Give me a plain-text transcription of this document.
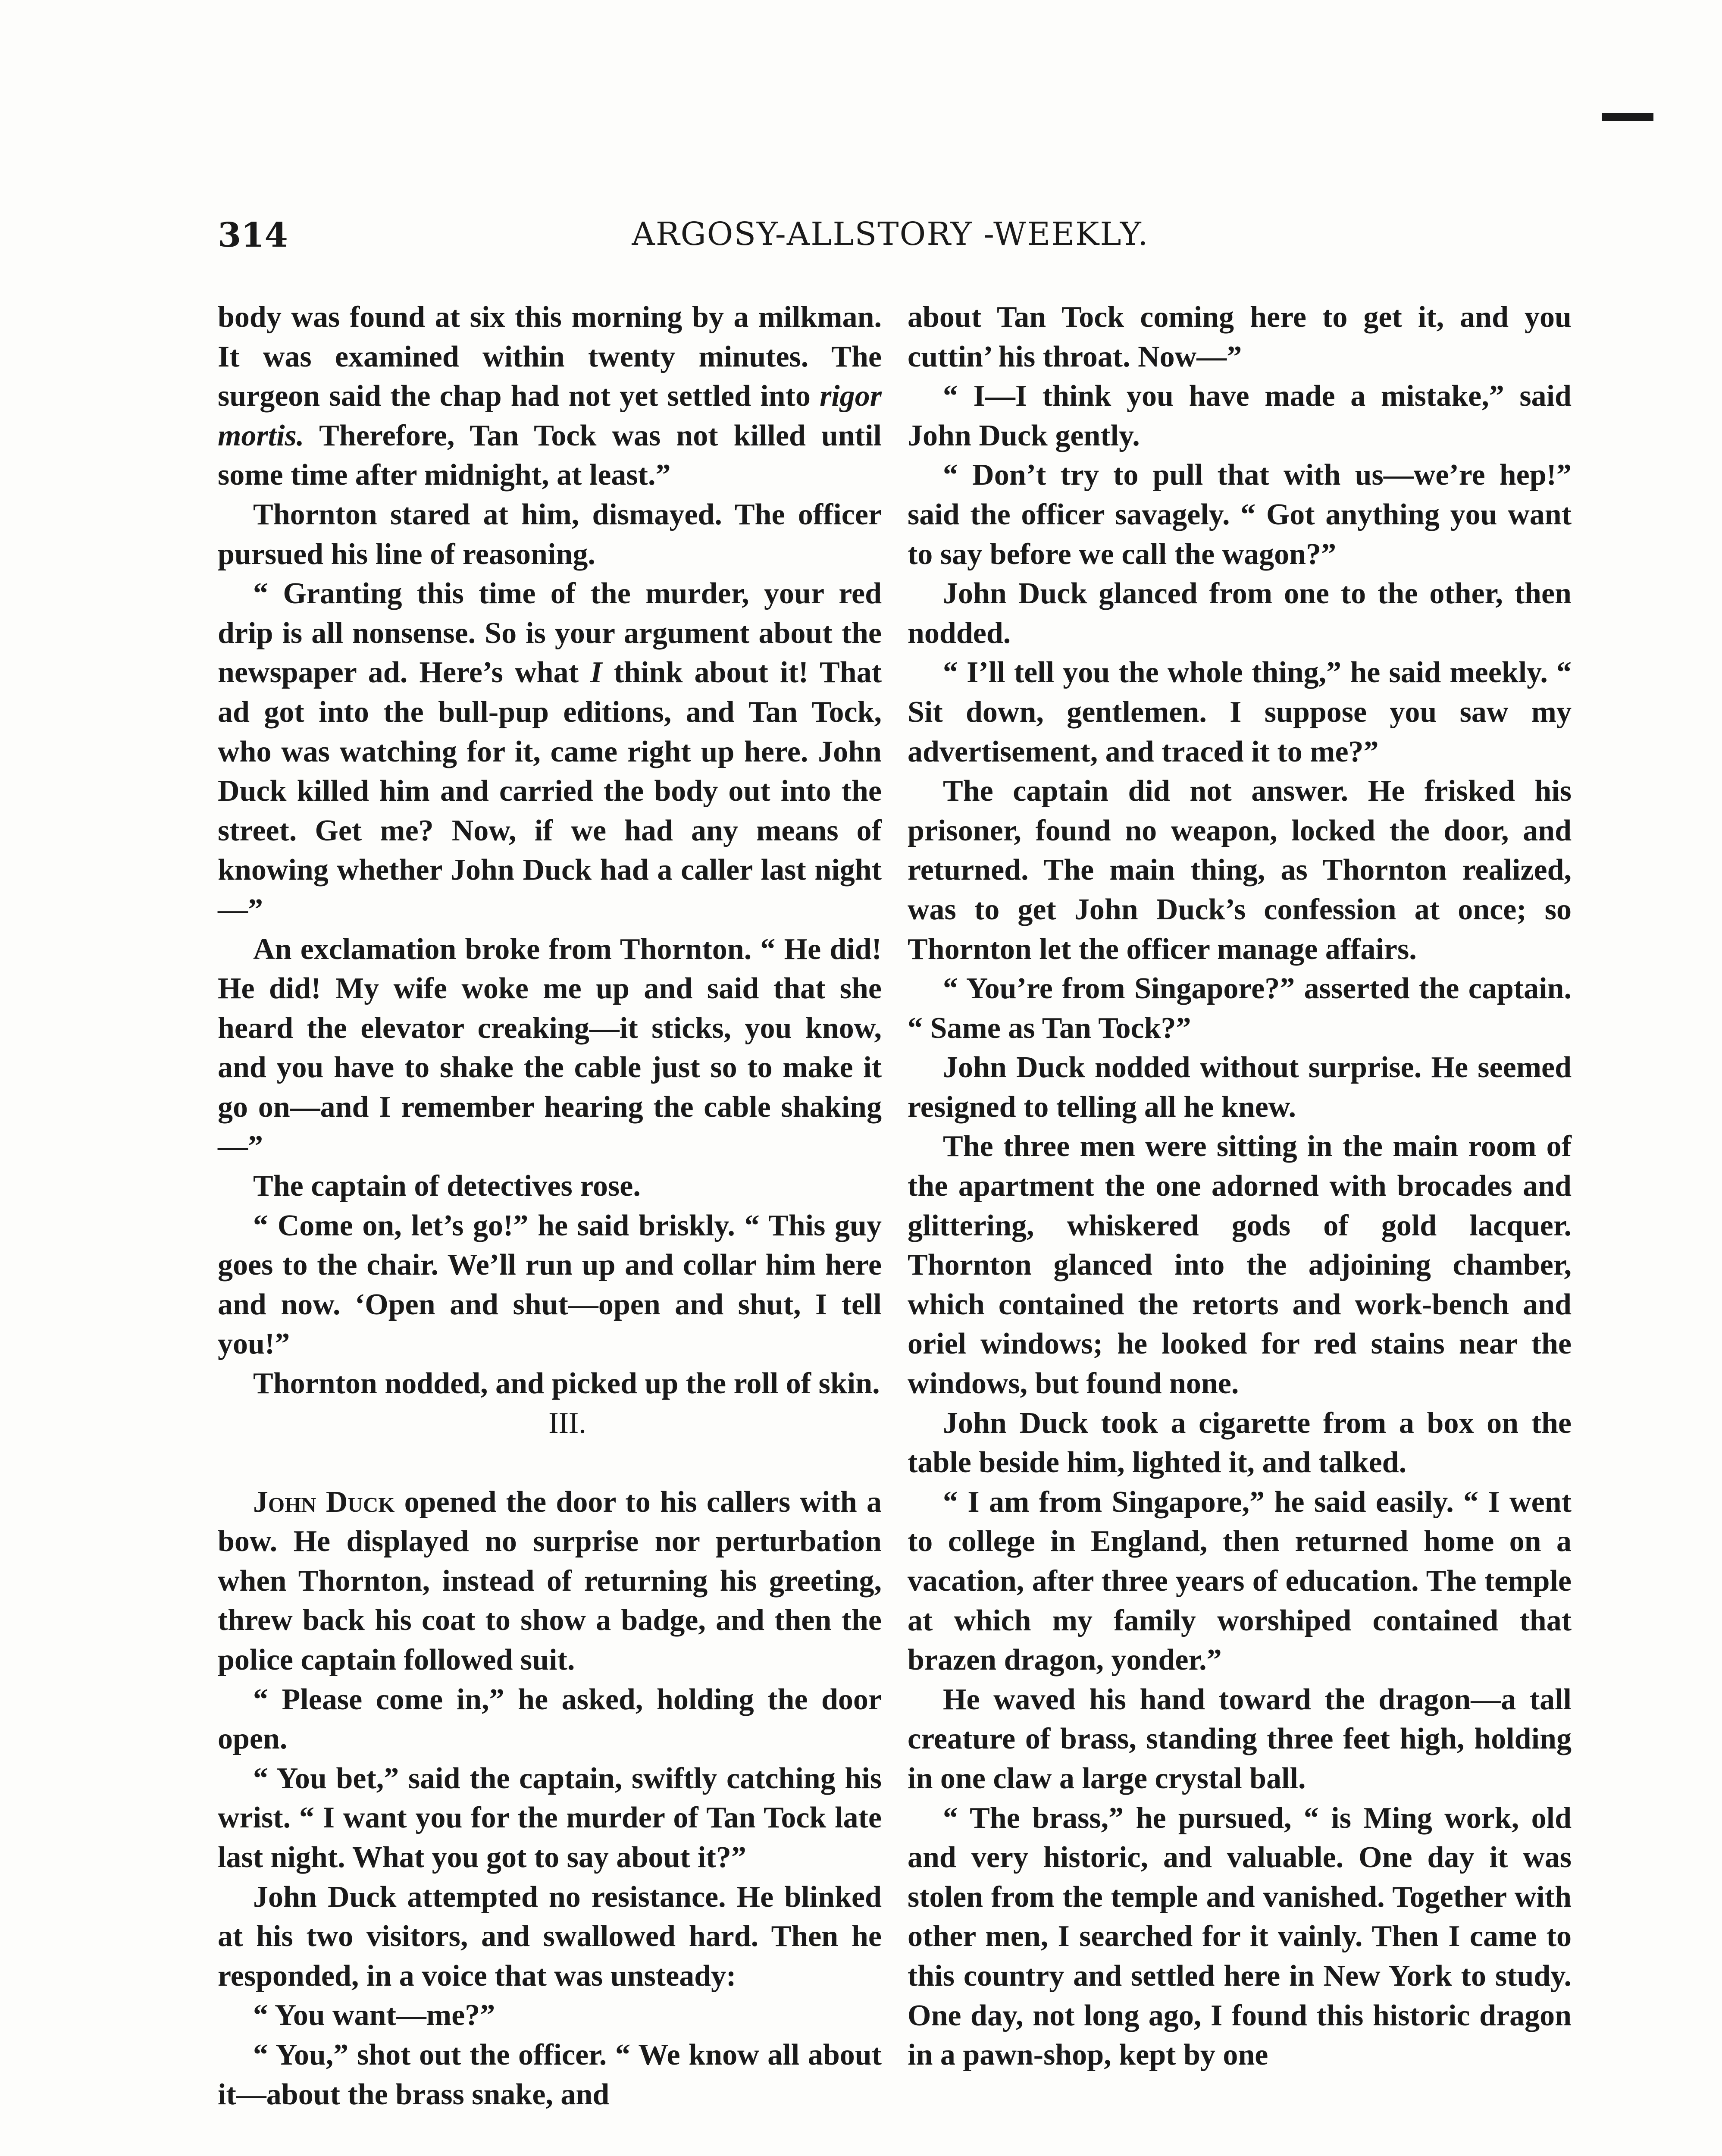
314	ARGOSY-ALLSTORY -WEEKLY.

body was found at six this morning by a milkman. It was examined within twenty minutes. The surgeon said the chap had not yet settled into rigor mortis. Therefore, Tan Tock was not killed until some time after midnight, at least.”

Thornton stared at him, dismayed. The officer pursued his line of reasoning.

“ Granting this time of the murder, your red drip is all nonsense. So is your argument about the newspaper ad. Here’s what I think about it! That ad got into the bull-pup editions, and Tan Tock, who was watching for it, came right up here. John Duck killed him and carried the body out into the street. Get me? Now, if we had any means of knowing whether John Duck had a caller last night—”

An exclamation broke from Thornton. “ He did! He did! My wife woke me up and said that she heard the elevator creaking—it sticks, you know, and you have to shake the cable just so to make it go on—and I remember hearing the cable shaking—”

The captain of detectives rose.

“ Come on, let’s go!” he said briskly. “ This guy goes to the chair. We’ll run up and collar him here and now. ‘Open and shut—open and shut, I tell you!”

Thornton nodded, and picked up the roll of skin.

III.

John Duck opened the door to his callers with a bow. He displayed no surprise nor perturbation when Thornton, instead of returning his greeting, threw back his coat to show a badge, and then the police captain followed suit.

“ Please come in,” he asked, holding the door open.

“ You bet,” said the captain, swiftly catching his wrist. “ I want you for the murder of Tan Tock late last night. What you got to say about it?”

John Duck attempted no resistance. He blinked at his two visitors, and swallowed hard. Then he responded, in a voice that was unsteady:

“ You want—me?”

“ You,” shot out the officer. “ We know all about it—about the brass snake, and

about Tan Tock coming here to get it, and you cuttin’ his throat. Now—”

“ I—I think you have made a mistake,” said John Duck gently.

“ Don’t try to pull that with us—we’re hep!” said the officer savagely. “ Got anything you want to say before we call the wagon?”

John Duck glanced from one to the other, then nodded.

“ I’ll tell you the whole thing,” he said meekly. “ Sit down, gentlemen. I suppose you saw my advertisement, and traced it to me?”

The captain did not answer. He frisked his prisoner, found no weapon, locked the door, and returned. The main thing, as Thornton realized, was to get John Duck’s confession at once; so Thornton let the officer manage affairs.

“ You’re from Singapore?” asserted the captain. “ Same as Tan Tock?”

John Duck nodded without surprise. He seemed resigned to telling all he knew.

The three men were sitting in the main room of the apartment the one adorned with brocades and glittering, whiskered gods of gold lacquer. Thornton glanced into the adjoining chamber, which contained the retorts and work-bench and oriel windows; he looked for red stains near the windows, but found none.

John Duck took a cigarette from a box on the table beside him, lighted it, and talked.

“ I am from Singapore,” he said easily. “ I went to college in England, then returned home on a vacation, after three years of education. The temple at which my family worshiped contained that brazen dragon, yonder.”

He waved his hand toward the dragon—a tall creature of brass, standing three feet high, holding in one claw a large crystal ball.

“ The brass,” he pursued, “ is Ming work, old and very historic, and valuable. One day it was stolen from the temple and vanished. Together with other men, I searched for it vainly. Then I came to this country and settled here in New York to study. One day, not long ago, I found this historic dragon in a pawn-shop, kept by one
